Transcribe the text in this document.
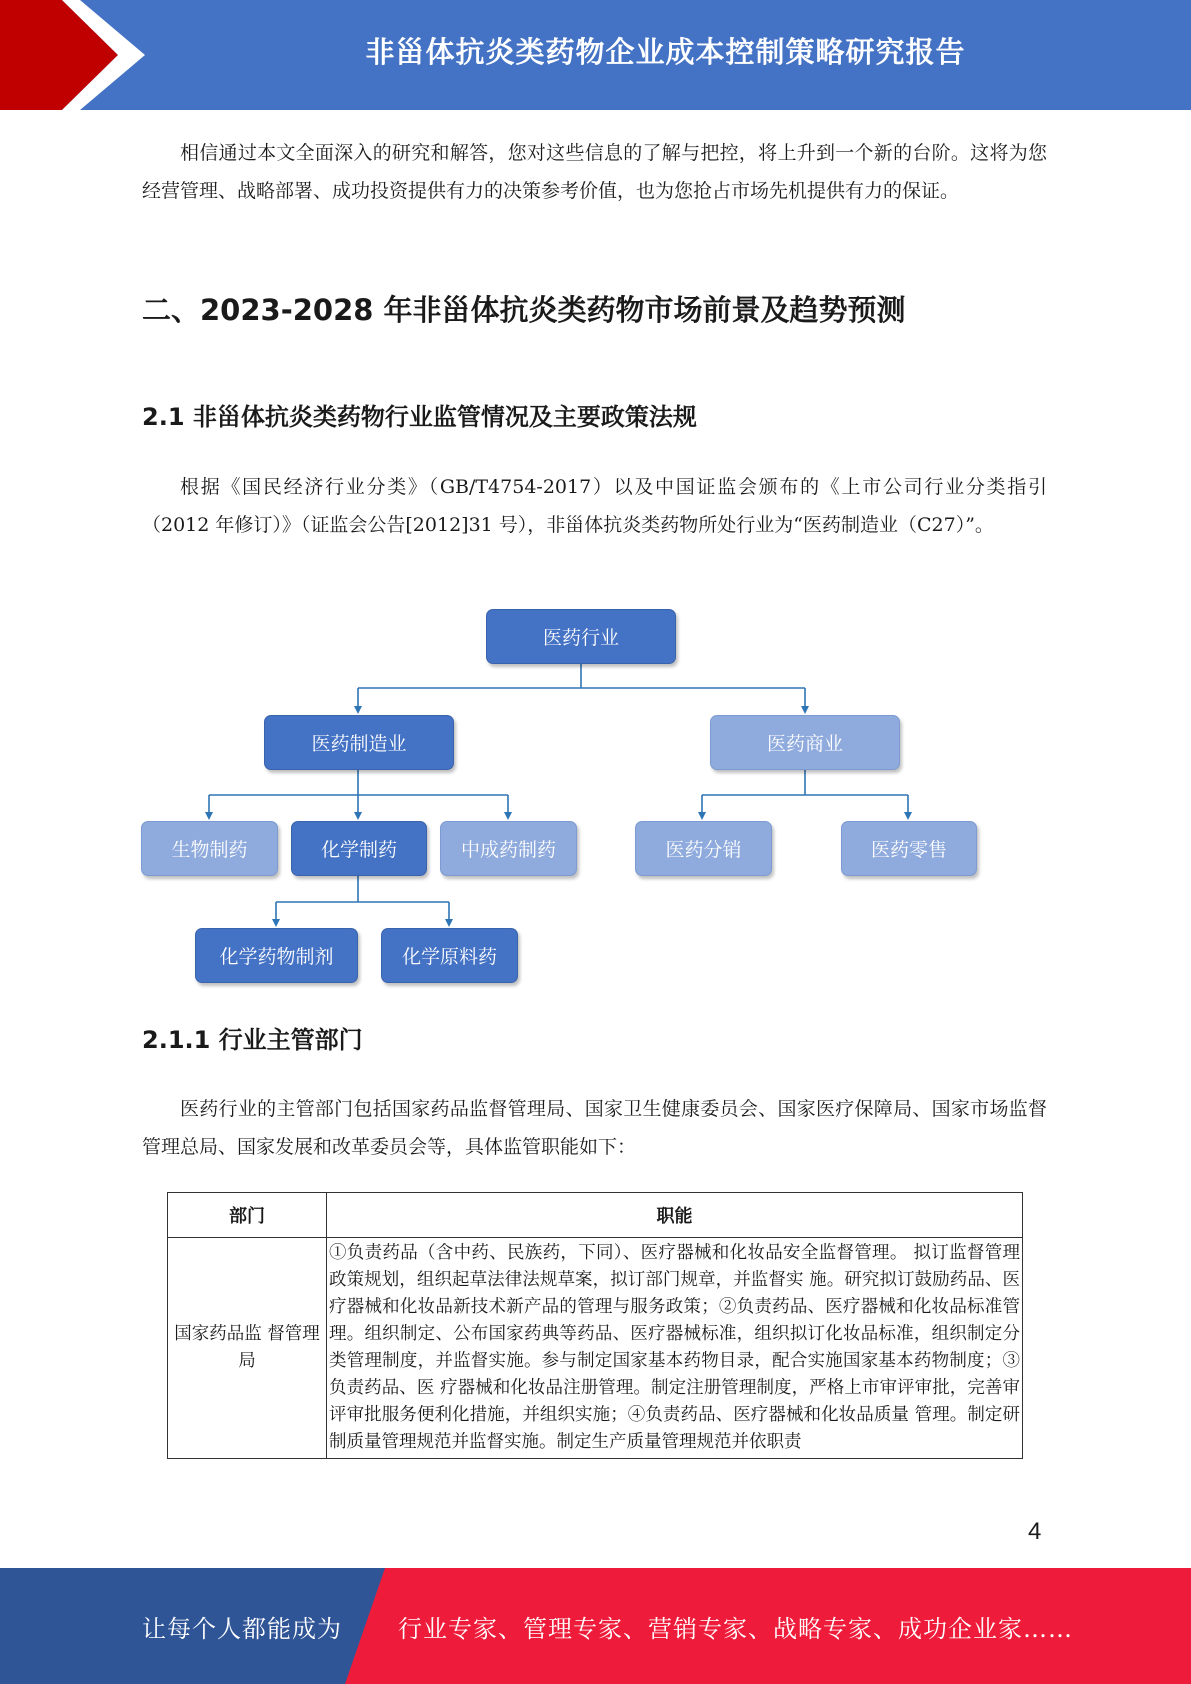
非甾体抗炎类药物企业成本控制策略研究报告

相信通过本文全面深入的研究和解答，您对这些信息的了解与把控，将上升到一个新的台阶。这将为您经营管理、战略部署、成功投资提供有力的决策参考价值，也为您抢占市场先机提供有力的保证。

二、2023-2028 年非甾体抗炎类药物市场前景及趋势预测
2.1 非甾体抗炎类药物行业监管情况及主要政策法规

根据《国民经济行业分类》（GB/T4754-2017）以及中国证监会颁布的《上市公司行业分类指引（2012 年修订）》（证监会公告[2012]31 号），非甾体抗炎类药物所处行业为“医药制造业（C27）”。

医药行业
医药制造业	医药商业
生物制药	化学制药	中成药制药	医药分销	医药零售
化学药物制剂	化学原料药
2.1.1 行业主管部门

医药行业的主管部门包括国家药品监督管理局、国家卫生健康委员会、国家医疗保障局、国家市场监督管理总局、国家发展和改革委员会等，具体监管职能如下：

部门	职能
国家药品监 督管理局	①负责药品（含中药、民族药，下同）、医疗器械和化妆品安全监督管理。 拟订监督管理政策规划，组织起草法律法规草案，拟订部门规章，并监督实 施。研究拟订鼓励药品、医疗器械和化妆品新技术新产品的管理与服务政策；②负责药品、医疗器械和化妆品标准管理。组织制定、公布国家药典等药品、医疗器械标准，组织拟订化妆品标准，组织制定分类管理制度，并监督实施。参与制定国家基本药物目录，配合实施国家基本药物制度；③负责药品、医 疗器械和化妆品注册管理。制定注册管理制度，严格上市审评审批，完善审 评审批服务便利化措施，并组织实施；④负责药品、医疗器械和化妆品质量 管理。制定研制质量管理规范并监督实施。制定生产质量管理规范并依职责
4
让每个人都能成为 行业专家、管理专家、营销专家、战略专家、成功企业家……
